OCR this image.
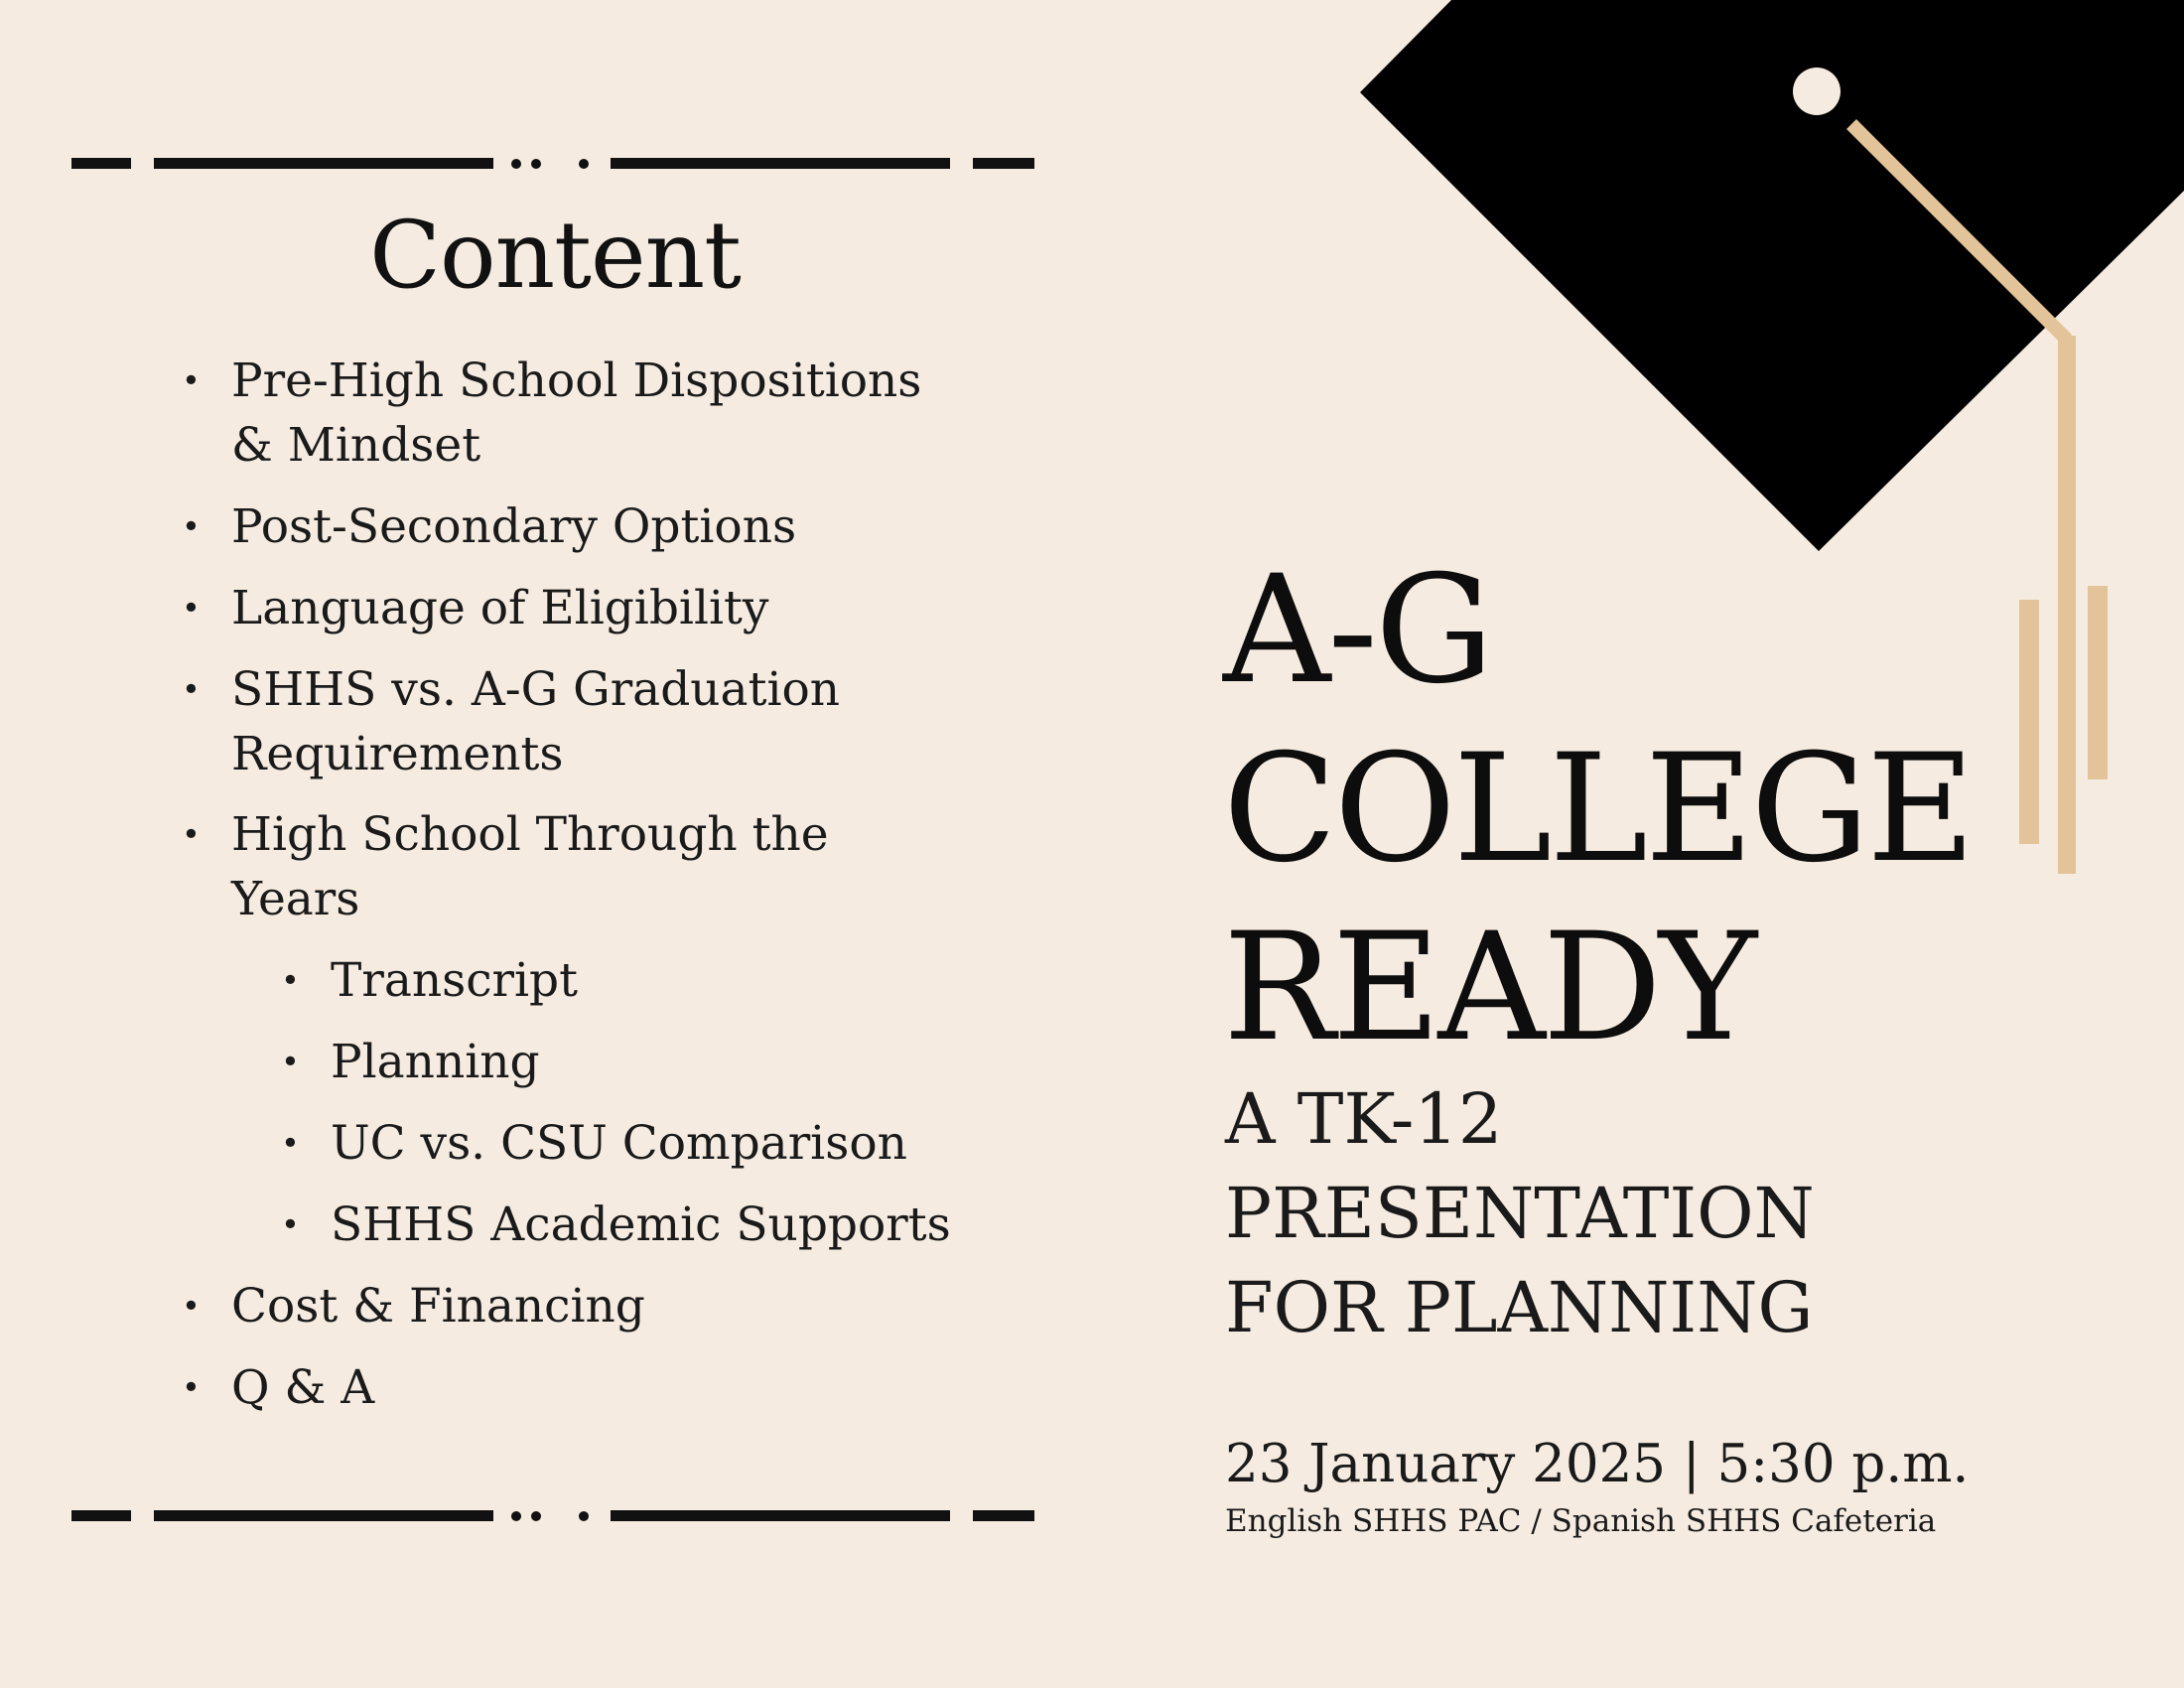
Content
• Pre-High School Dispositions
& Mindset
• Post-Secondary Options
• Language of Eligibility
• SHHS vs. A-G Graduation
Requirements
• High School Through the
Years
• Transcript
• Planning
• UC vs. CSU Comparison
• SHHS Academic Supports
• Cost & Financing
• Q & A
A-G
COLLEGE
READY
A TK-12
PRESENTATION
FOR PLANNING
23 January 2025 | 5:30 p.m.
English SHHS PAC / Spanish SHHS Cafeteria
